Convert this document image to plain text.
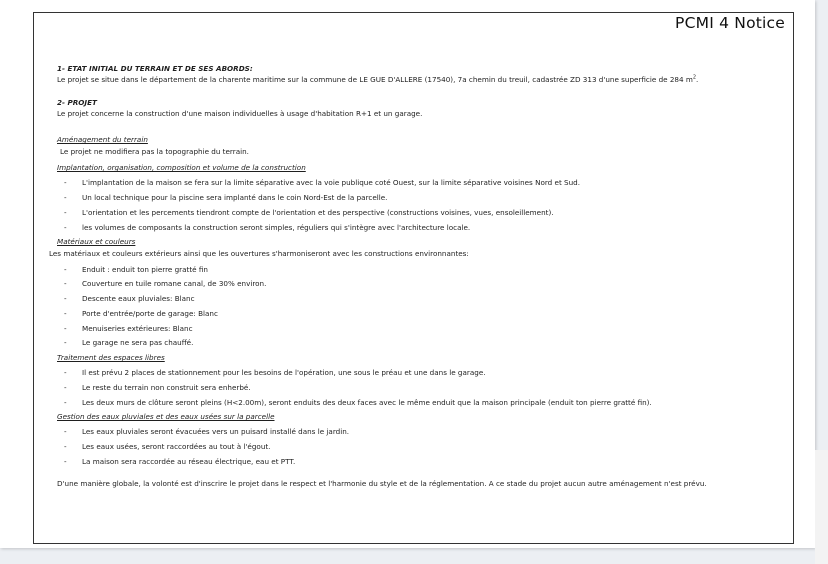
PCMI 4 Notice
1- ETAT INITIAL DU TERRAIN ET DE SES ABORDS:
Le projet se situe dans le département de la charente maritime sur la commune de LE GUE D'ALLERE (17540), 7a chemin du treuil, cadastrée ZD 313 d'une superficie de 284 $m^2$.
2- PROJET
Le projet concerne la construction d'une maison individuelles à usage d'habitation R+1 et un garage.
Aménagement du terrain
Le projet ne modifiera pas la topographie du terrain.
Implantation, organisation, composition et volume de la construction
- L'implantation de la maison se fera sur la limite séparative avec la voie publique coté Ouest, sur la limite séparative voisines Nord et Sud.
- Un local technique pour la piscine sera implanté dans le coin Nord-Est de la parcelle.
- L'orientation et les percements tiendront compte de l'orientation et des perspective (constructions voisines, vues, ensoleillement).
- les volumes de composants la construction seront simples, réguliers qui s'intègre avec l'architecture locale.
Matériaux et couleurs
Les matériaux et couleurs extérieurs ainsi que les ouvertures s'harmoniseront avec les constructions environnantes:
- Enduit : enduit ton pierre gratté fin
- Couverture en tuile romane canal, de 30% environ.
- Descente eaux pluviales: Blanc
- Porte d'entrée/porte de garage: Blanc
- Menuiseries extérieures: Blanc
- Le garage ne sera pas chauffé.
Traitement des espaces libres
- Il est prévu 2 places de stationnement pour les besoins de l'opération, une sous le préau et une dans le garage.
- Le reste du terrain non construit sera enherbé.
- Les deux murs de clôture seront pleins (H<2.00m), seront enduits des deux faces avec le même enduit que la maison principale (enduit ton pierre gratté fin).
Gestion des eaux pluviales et des eaux usées sur la parcelle
- Les eaux pluviales seront évacuées vers un puisard installé dans le jardin.
- Les eaux usées, seront raccordées au tout à l'égout.
- La maison sera raccordée au réseau électrique, eau et PTT.
D'une manière globale, la volonté est d'inscrire le projet dans le respect et l'harmonie du style et de la réglementation. A ce stade du projet aucun autre aménagement n'est prévu.
